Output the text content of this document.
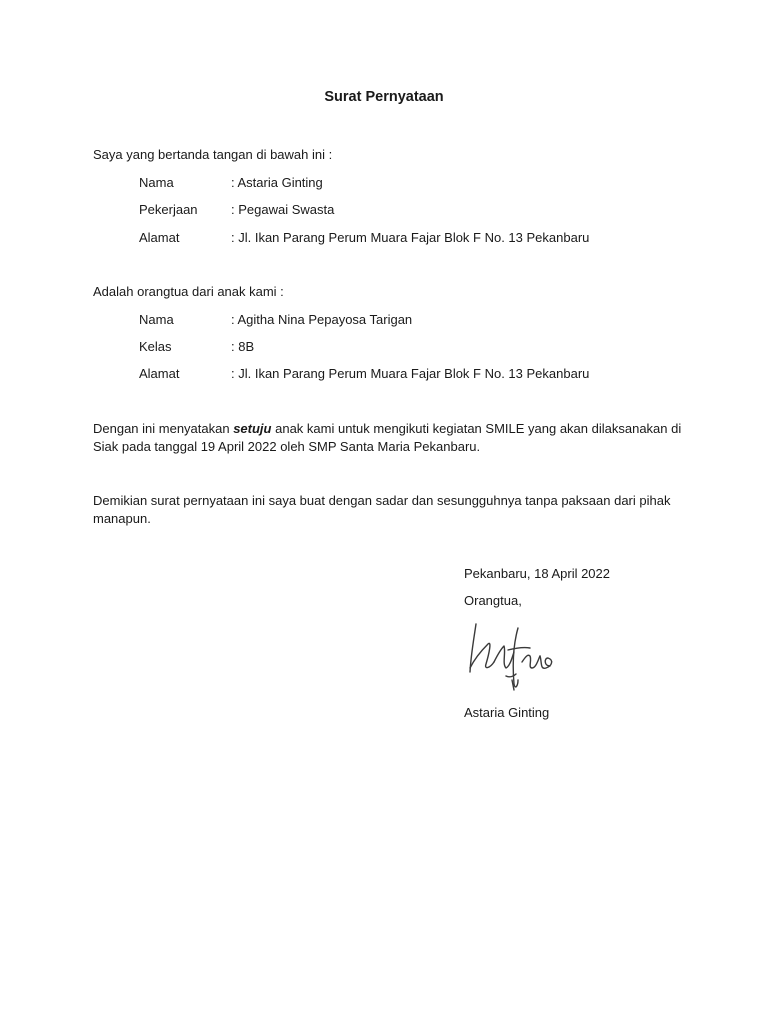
Surat Pernyataan
Saya yang bertanda tangan di bawah ini :
Nama	: Astaria Ginting
Pekerjaan	: Pegawai Swasta
Alamat	: Jl. Ikan Parang Perum Muara Fajar Blok F No. 13 Pekanbaru
Adalah orangtua dari anak kami :
Nama	: Agitha Nina Pepayosa Tarigan
Kelas	: 8B
Alamat	: Jl. Ikan Parang Perum Muara Fajar Blok F No. 13 Pekanbaru
Dengan ini menyatakan setuju anak kami untuk mengikuti kegiatan SMILE yang akan dilaksanakan di Siak pada tanggal 19 April 2022 oleh SMP Santa Maria Pekanbaru.
Demikian surat pernyataan ini saya buat dengan sadar dan sesungguhnya tanpa paksaan dari pihak manapun.
Pekanbaru, 18 April 2022
Orangtua,
Astaria Ginting
